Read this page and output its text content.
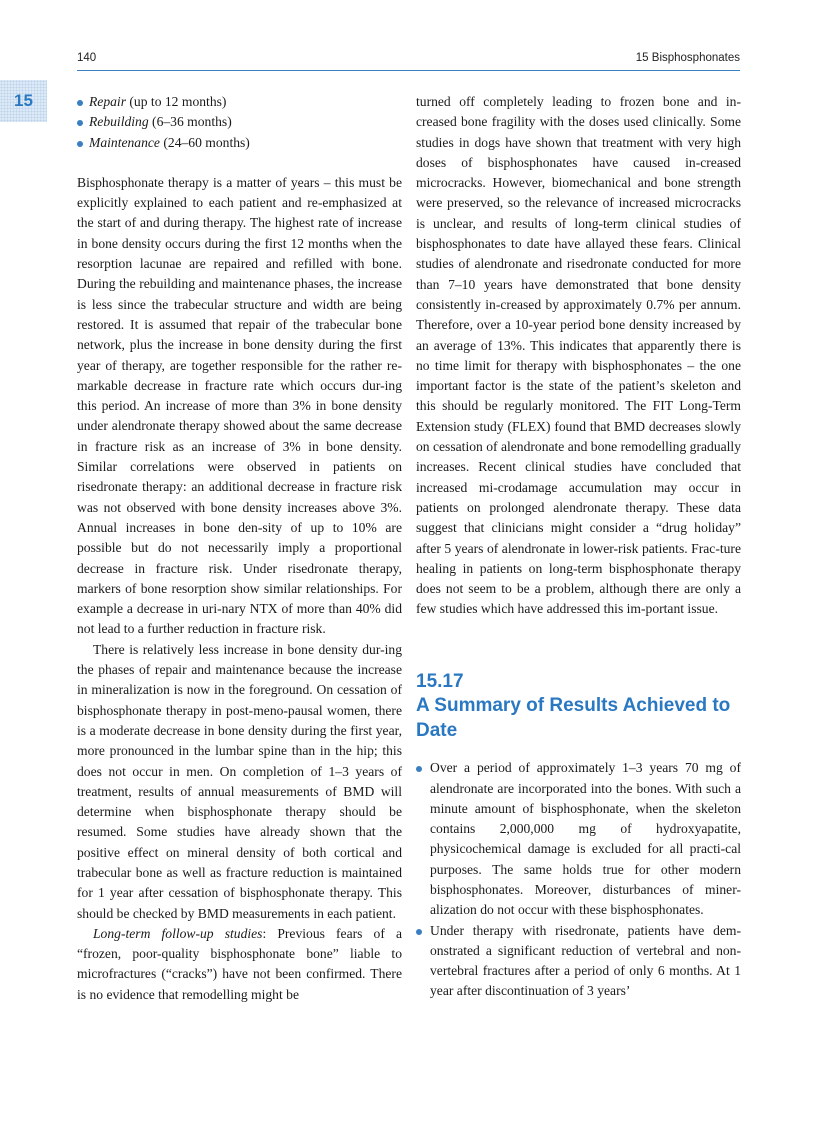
140	15 Bisphosphonates
15	Repair (up to 12 months)
Rebuilding (6–36 months)
Maintenance (24–60 months)

Bisphosphonate therapy is a matter of years – this must be explicitly explained to each patient and re-emphasized at the start of and during therapy. The highest rate of increase in bone density occurs during the first 12 months when the resorption lacunae are repaired and refilled with bone. During the rebuilding and maintenance phases, the increase is less since the trabecular structure and width are being restored. It is assumed that repair of the trabecular bone network, plus the increase in bone density during the first year of therapy, are together responsible for the rather re-markable decrease in fracture rate which occurs dur-ing this period. An increase of more than 3% in bone density under alendronate therapy showed about the same decrease in fracture risk as an increase of 3% in bone density. Similar correlations were observed in patients on risedronate therapy: an additional decrease in fracture risk was not observed with bone density increases above 3%. Annual increases in bone den-sity of up to 10% are possible but do not necessarily imply a proportional decrease in fracture risk. Under risedronate therapy, markers of bone resorption show similar relationships. For example a decrease in uri-nary NTX of more than 40% did not lead to a further reduction in fracture risk.

There is relatively less increase in bone density dur-ing the phases of repair and maintenance because the increase in mineralization is now in the foreground. On cessation of bisphosphonate therapy in post-meno-pausal women, there is a moderate decrease in bone density during the first year, more pronounced in the lumbar spine than in the hip; this does not occur in men. On completion of 1–3 years of treatment, results of annual measurements of BMD will determine when bisphosphonate therapy should be resumed. Some studies have already shown that the positive effect on mineral density of both cortical and trabecular bone as well as fracture reduction is maintained for 1 year after cessation of bisphosphonate therapy. This should be checked by BMD measurements in each patient.

Long-term follow-up studies: Previous fears of a “frozen, poor-quality bisphosphonate bone” liable to microfractures (“cracks”) have not been confirmed. There is no evidence that remodelling might be

turned off completely leading to frozen bone and in-creased bone fragility with the doses used clinically. Some studies in dogs have shown that treatment with very high doses of bisphosphonates have caused in-creased microcracks. However, biomechanical and bone strength were preserved, so the relevance of increased microcracks is unclear, and results of long-term clinical studies of bisphosphonates to date have allayed these fears. Clinical studies of alendronate and risedronate conducted for more than 7–10 years have demonstrated that bone density consistently in-creased by approximately 0.7% per annum. Therefore, over a 10-year period bone density increased by an average of 13%. This indicates that apparently there is no time limit for therapy with bisphosphonates – the one important factor is the state of the patient’s skeleton and this should be regularly monitored. The FIT Long-Term Extension study (FLEX) found that BMD decreases slowly on cessation of alendronate and bone remodelling gradually increases. Recent clinical studies have concluded that increased mi-crodamage accumulation may occur in patients on prolonged alendronate therapy. These data suggest that clinicians might consider a “drug holiday” after 5 years of alendronate in lower-risk patients. Frac-ture healing in patients on long-term bisphosphonate therapy does not seem to be a problem, although there are only a few studies which have addressed this im-portant issue.

15.17
A Summary of Results Achieved to Date
Over a period of approximately 1–3 years 70 mg of alendronate are incorporated into the bones. With such a minute amount of bisphosphonate, when the skeleton contains 2,000,000 mg of hydroxyapatite, physicochemical damage is excluded for all practi-cal purposes. The same holds true for other modern bisphosphonates. Moreover, disturbances of miner-alization do not occur with these bisphosphonates.
Under therapy with risedronate, patients have dem-onstrated a significant reduction of vertebral and non-vertebral fractures after a period of only 6 months. At 1 year after discontinuation of 3 years’
